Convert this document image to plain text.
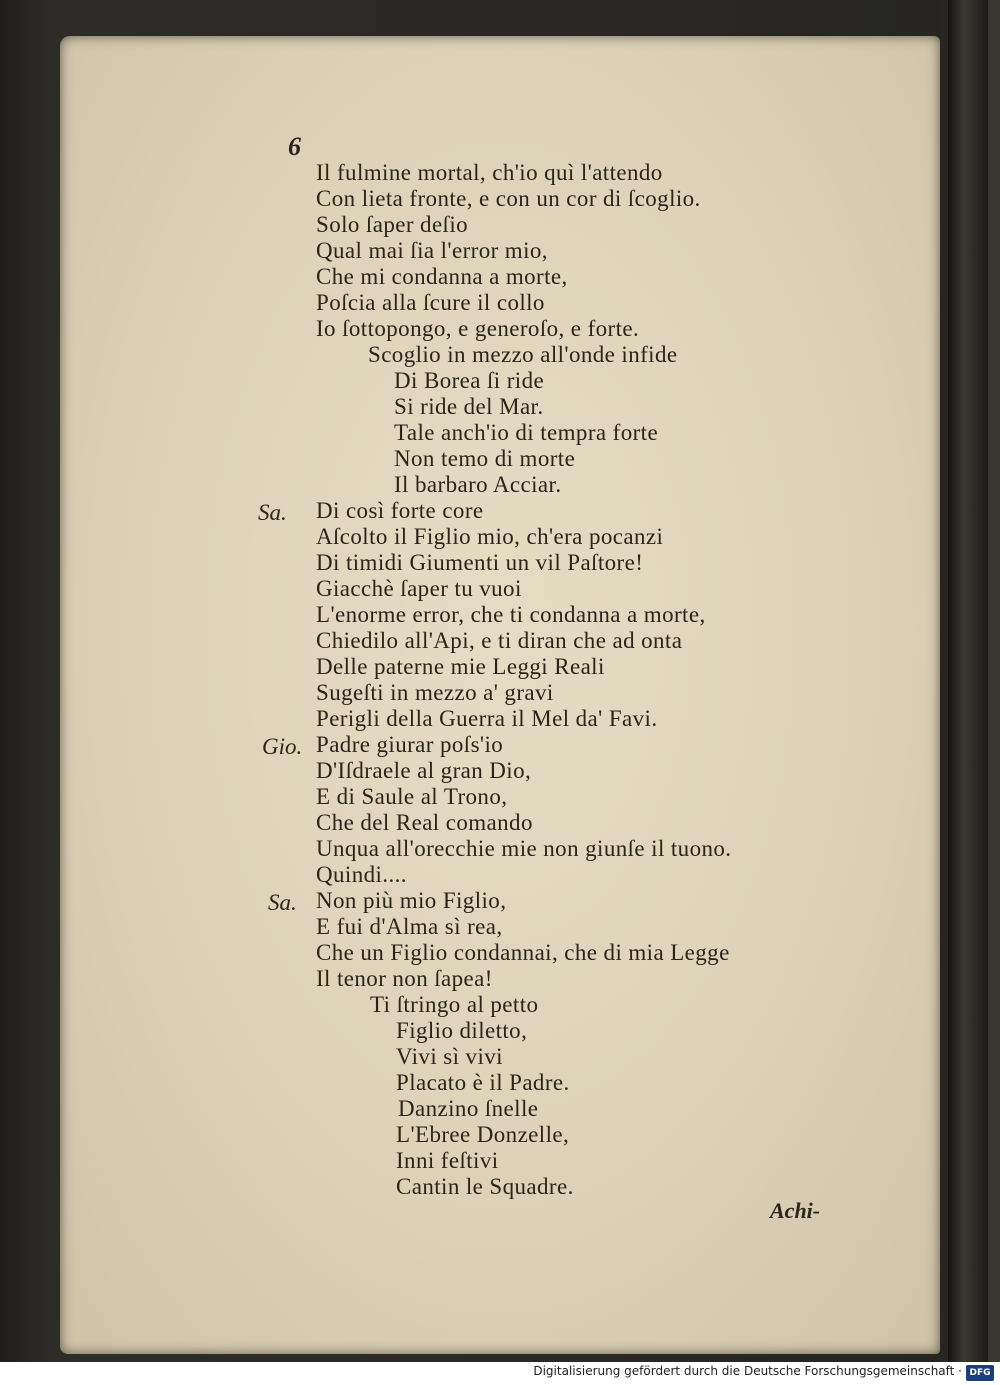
6
Il fulmine mortal, ch'io quì l'attendo
Con lieta fronte, e con un cor di ſcoglio.
Solo ſaper deſio
Qual mai ſia l'error mio,
Che mi condanna a morte,
Poſcia alla ſcure il collo
Io ſottopongo, e generoſo, e forte.
Scoglio in mezzo all'onde infide
Di Borea ſi ride
Si ride del Mar.
Tale anch'io di tempra forte
Non temo di morte
Il barbaro Acciar.
Sa. Di così forte core
Aſcolto il Figlio mio, ch'era pocanzi
Di timidi Giumenti un vil Paſtore!
Giacchè ſaper tu vuoi
L'enorme error, che ti condanna a morte,
Chiedilo all'Api, e ti diran che ad onta
Delle paterne mie Leggi Reali
Sugeſti in mezzo a' gravi
Perigli della Guerra il Mel da' Favi.
Gio. Padre giurar poſs'io
D'Iſdraele al gran Dio,
E di Saule al Trono,
Che del Real comando
Unqua all'orecchie mie non giunſe il tuono.
Quindi....
Sa. Non più mio Figlio,
E fui d'Alma sì rea,
Che un Figlio condannai, che di mia Legge
Il tenor non ſapea!
Ti ſtringo al petto
Figlio diletto,
Vivi sì vivi
Placato è il Padre.
Danzino ſnelle
L'Ebree Donzelle,
Inni feſtivi
Cantin le Squadre.
Achi-
Digitalisierung gefördert durch die Deutsche Forschungsgemeinschaft · DFG
